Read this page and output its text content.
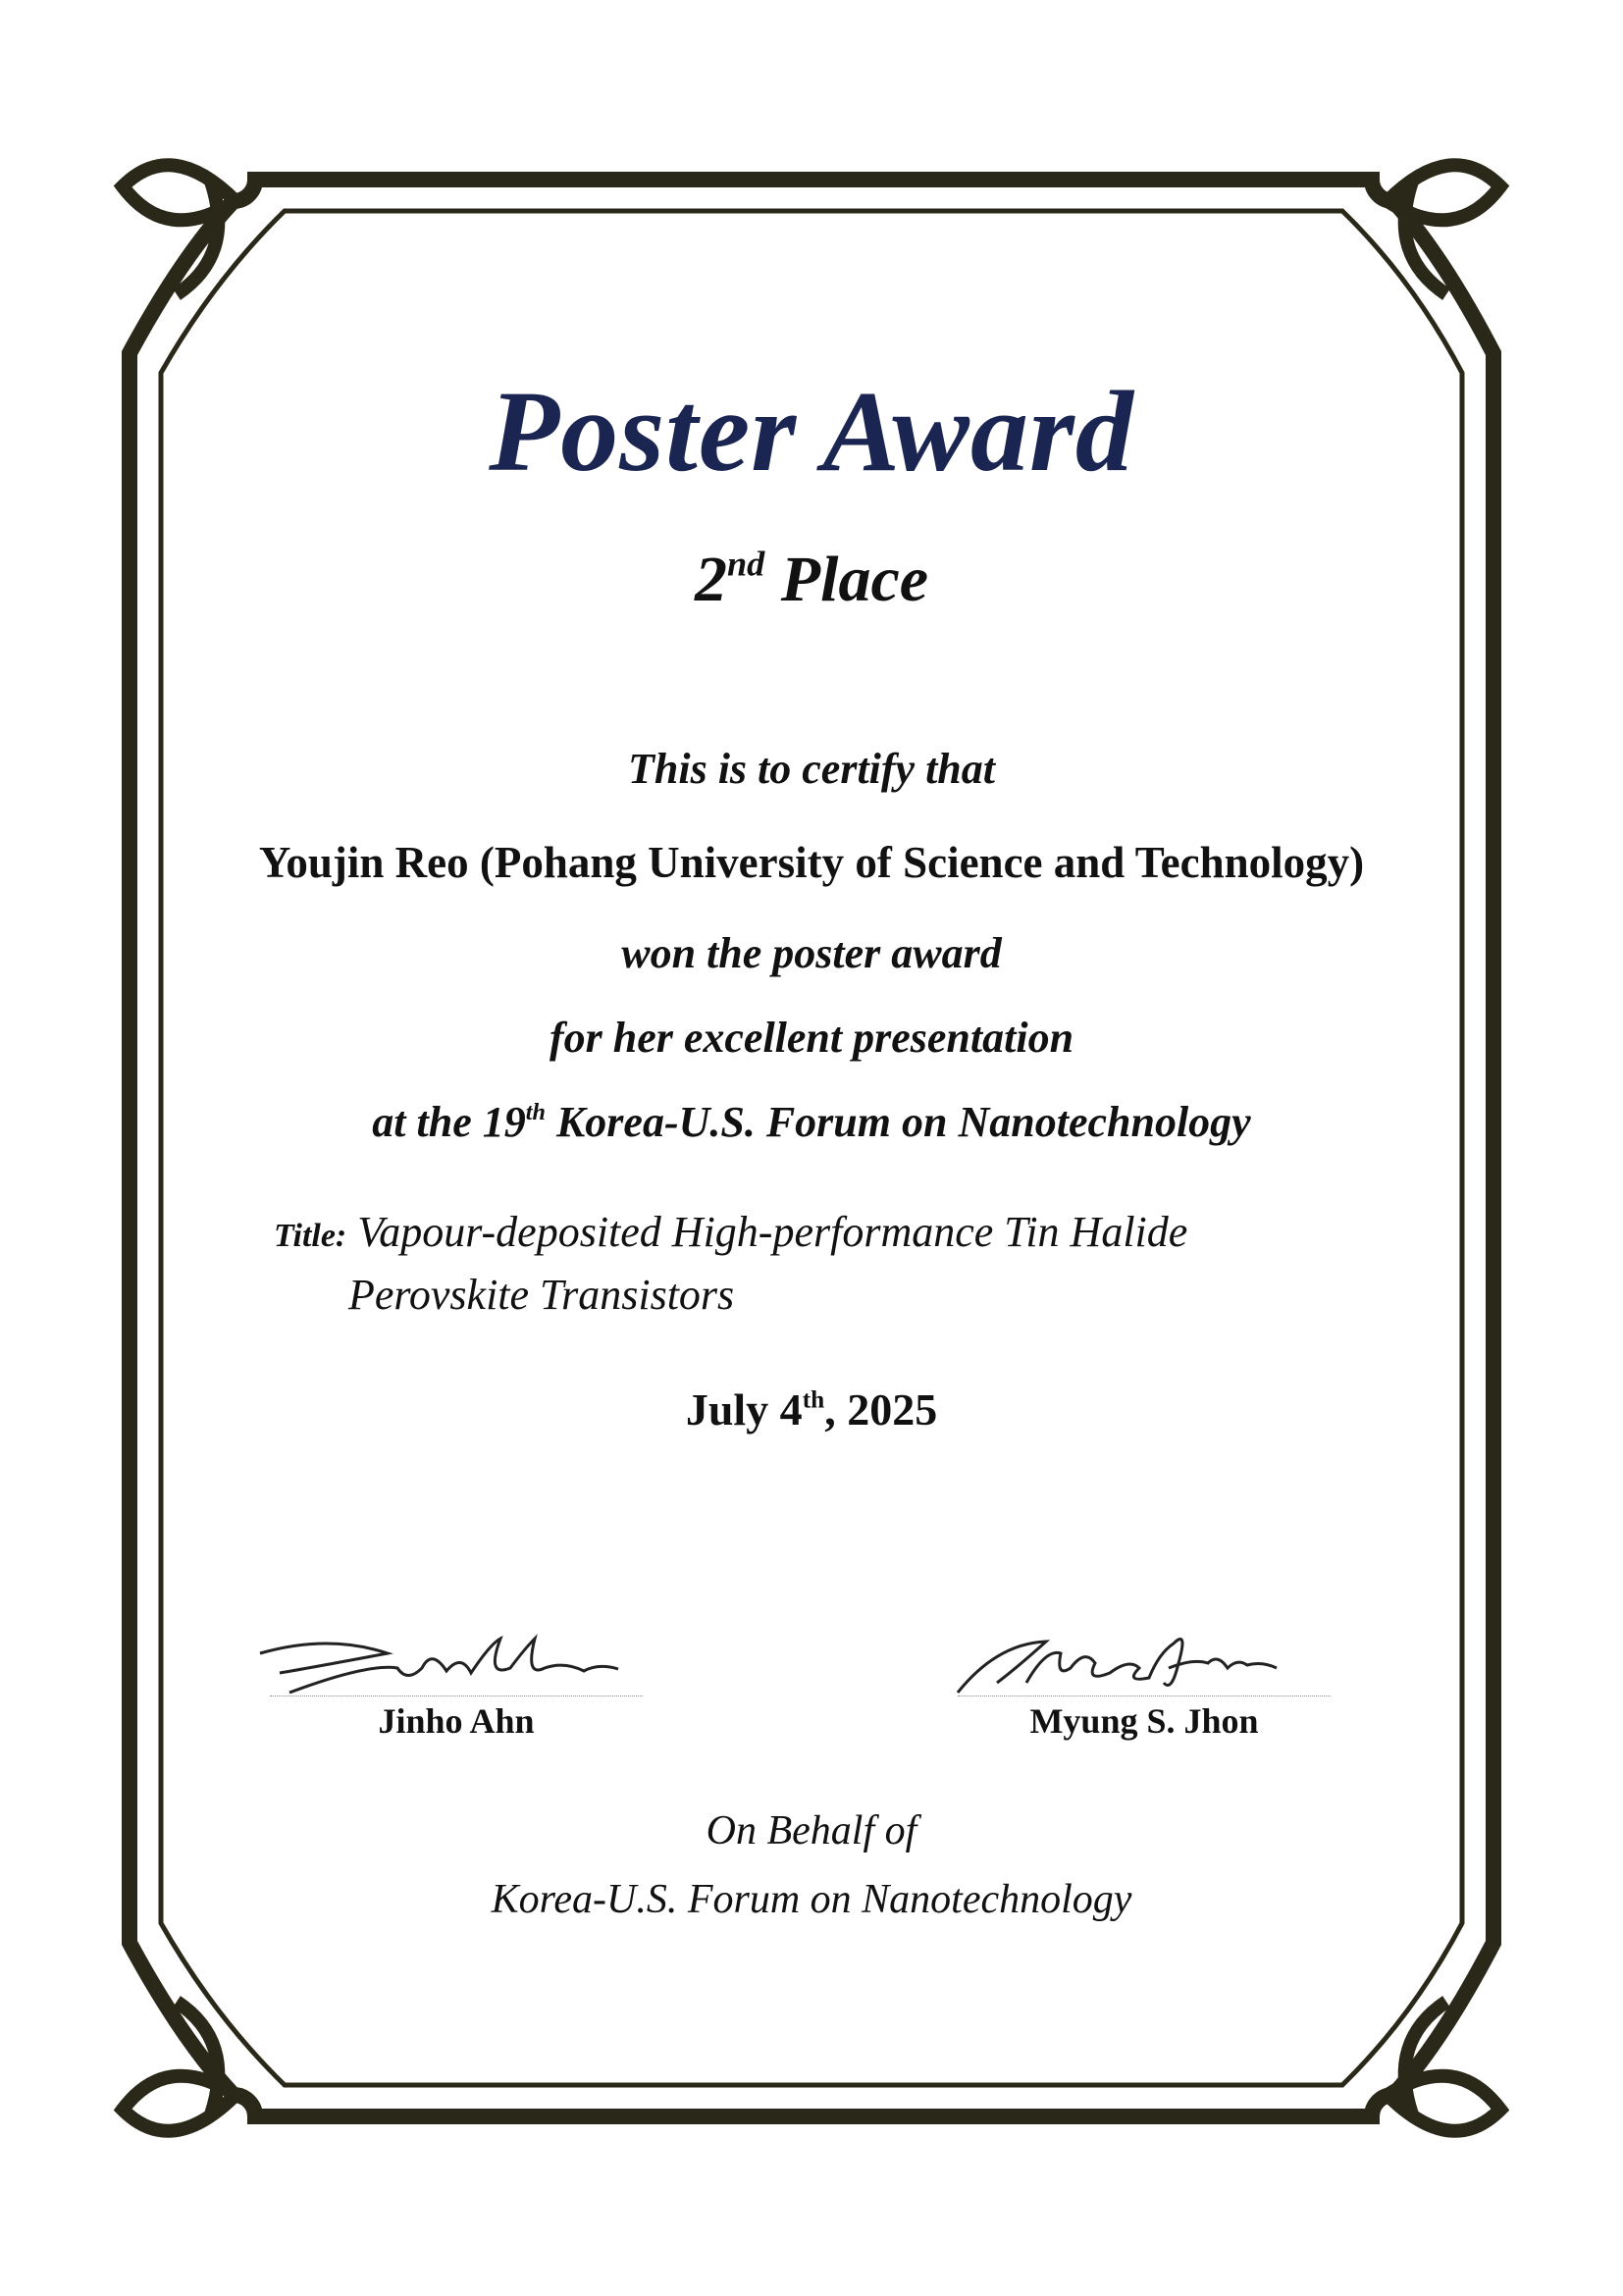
Poster Award
2nd Place
This is to certify that
Youjin Reo (Pohang University of Science and Technology)
won the poster award
for her excellent presentation
at the 19th Korea-U.S. Forum on Nanotechnology
Title: Vapour-deposited High-performance Tin Halide
Perovskite Transistors
July 4th, 2025
Jinho Ahn	Myung S. Jhon
On Behalf of
Korea-U.S. Forum on Nanotechnology
